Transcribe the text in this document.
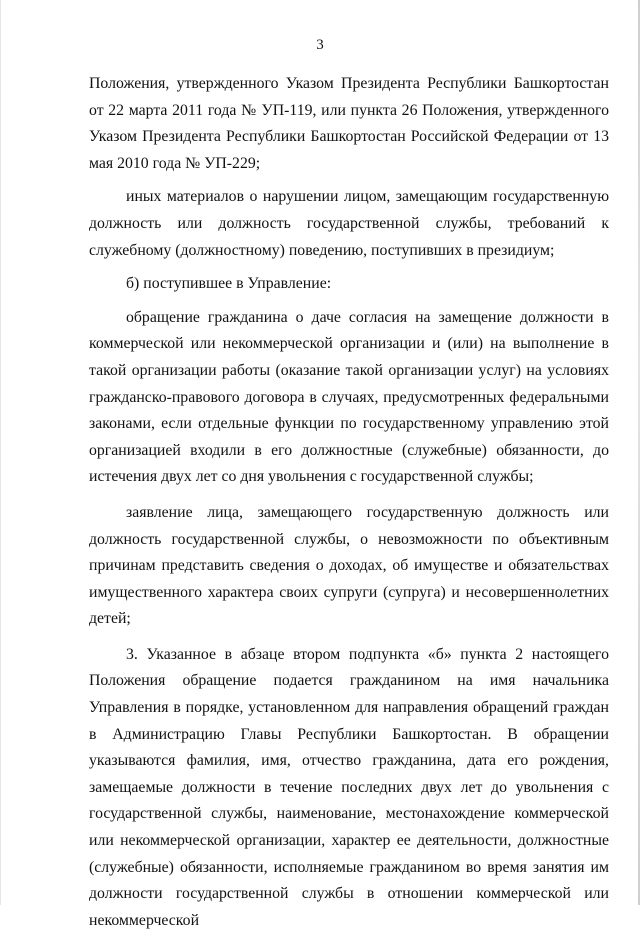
3

Положения, утвержденного Указом Президента Республики Башкортостан от 22 марта 2011 года № УП-119, или пункта 26 Положения, утвержденного Указом Президента Республики Башкортостан Российской Федерации от 13 мая 2010 года № УП-229;

иных материалов о нарушении лицом, замещающим государственную должность или должность государственной службы, требований к служебному (должностному) поведению, поступивших в президиум;

б) поступившее в Управление:

обращение гражданина о даче согласия на замещение должности в коммерческой или некоммерческой организации и (или) на выполнение в такой организации работы (оказание такой организации услуг) на условиях гражданско-правового договора в случаях, предусмотренных федеральными законами, если отдельные функции по государственному управлению этой организацией входили в его должностные (служебные) обязанности, до истечения двух лет со дня увольнения с государственной службы;

заявление лица, замещающего государственную должность или должность государственной службы, о невозможности по объективным причинам представить сведения о доходах, об имуществе и обязательствах имущественного характера своих супруги (супруга) и несовершеннолетних детей;

3. Указанное в абзаце втором подпункта «б» пункта 2 настоящего Положения обращение подается гражданином на имя начальника Управления в порядке, установленном для направления обращений граждан в Администрацию Главы Республики Башкортостан. В обращении указываются фамилия, имя, отчество гражданина, дата его рождения, замещаемые должности в течение последних двух лет до увольнения с государственной службы, наименование, местонахождение коммерческой или некоммерческой организации, характер ее деятельности, должностные (служебные) обязанности, исполняемые гражданином во время занятия им должности государственной службы в отношении коммерческой или некоммерческой
